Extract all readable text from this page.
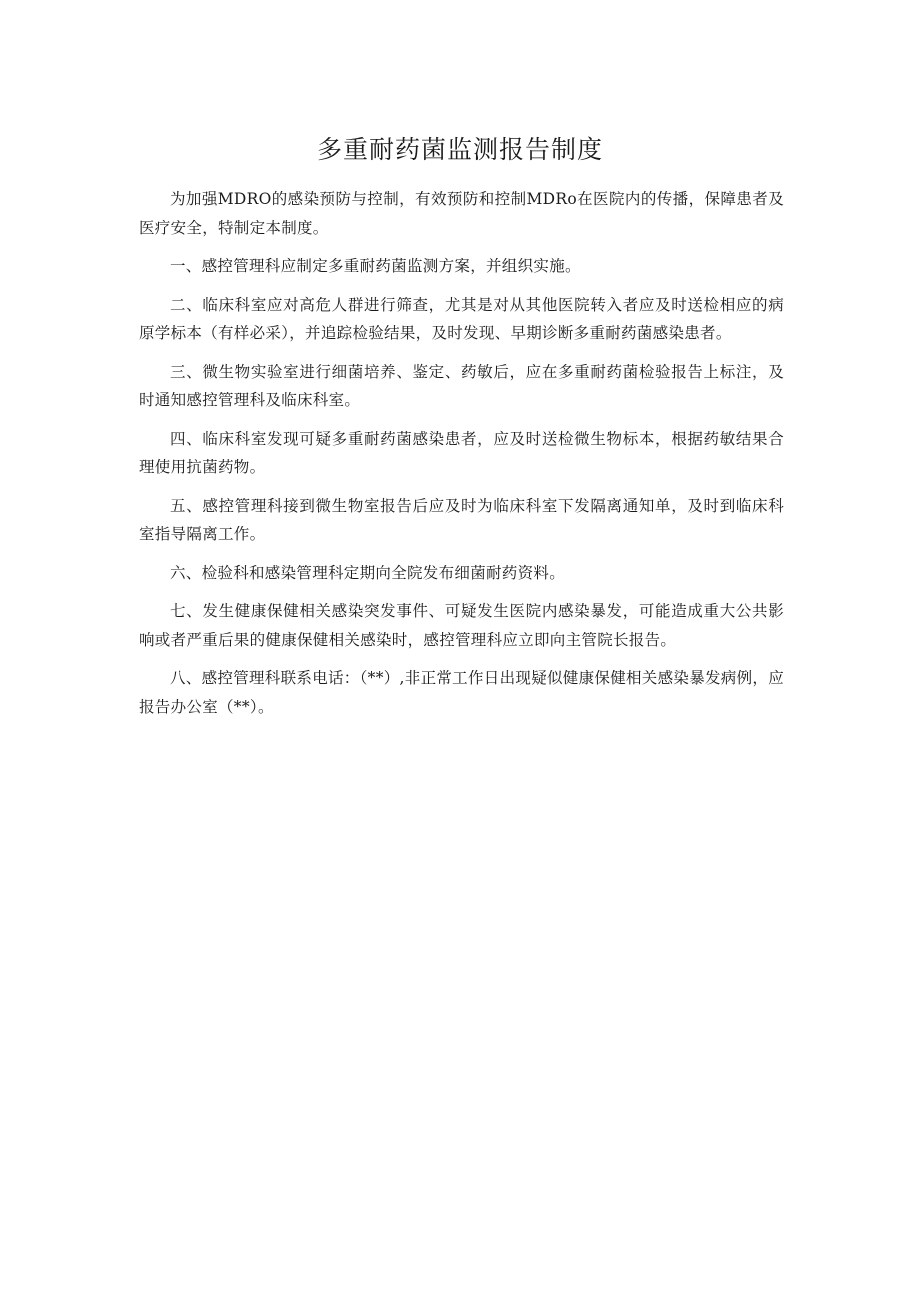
多重耐药菌监测报告制度

为加强MDRO的感染预防与控制，有效预防和控制MDRo在医院内的传播，保障患者及医疗安全，特制定本制度。

一、感控管理科应制定多重耐药菌监测方案，并组织实施。

二、临床科室应对高危人群进行筛查，尤其是对从其他医院转入者应及时送检相应的病原学标本（有样必采），并追踪检验结果，及时发现、早期诊断多重耐药菌感染患者。

三、微生物实验室进行细菌培养、鉴定、药敏后，应在多重耐药菌检验报告上标注，及时通知感控管理科及临床科室。

四、临床科室发现可疑多重耐药菌感染患者，应及时送检微生物标本，根据药敏结果合理使用抗菌药物。

五、感控管理科接到微生物室报告后应及时为临床科室下发隔离通知单，及时到临床科室指导隔离工作。

六、检验科和感染管理科定期向全院发布细菌耐药资料。

七、发生健康保健相关感染突发事件、可疑发生医院内感染暴发，可能造成重大公共影响或者严重后果的健康保健相关感染时，感控管理科应立即向主管院长报告。

八、感控管理科联系电话：（**）,非正常工作日出现疑似健康保健相关感染暴发病例，应报告办公室（**）。
